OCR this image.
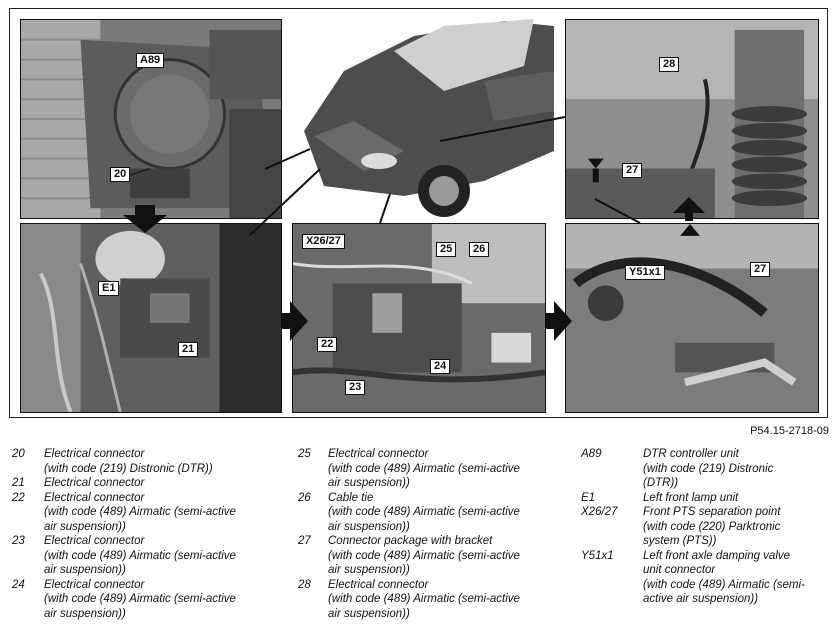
A89
20
E1
21
X26/27
25	26
22
23
24
28
27
Y51x1	27
P54.15-2718-09
20	Electrical connector
(with code (219) Distronic (DTR))
21	Electrical connector
22	Electrical connector
(with code (489) Airmatic (semi-active
air suspension))
23	Electrical connector
(with code (489) Airmatic (semi-active
air suspension))
24	Electrical connector
(with code (489) Airmatic (semi-active
air suspension))
25	Electrical connector
(with code (489) Airmatic (semi-active
air suspension))
26	Cable tie
(with code (489) Airmatic (semi-active
air suspension))
27	Connector package with bracket
(with code (489) Airmatic (semi-active
air suspension))
28	Electrical connector
(with code (489) Airmatic (semi-active
air suspension))
A89	DTR controller unit
(with code (219) Distronic
(DTR))
E1	Left front lamp unit
X26/27	Front PTS separation point
(with code (220) Parktronic
system (PTS))
Y51x1	Left front axle damping valve
unit connector
(with code (489) Airmatic (semi-
active air suspension))
